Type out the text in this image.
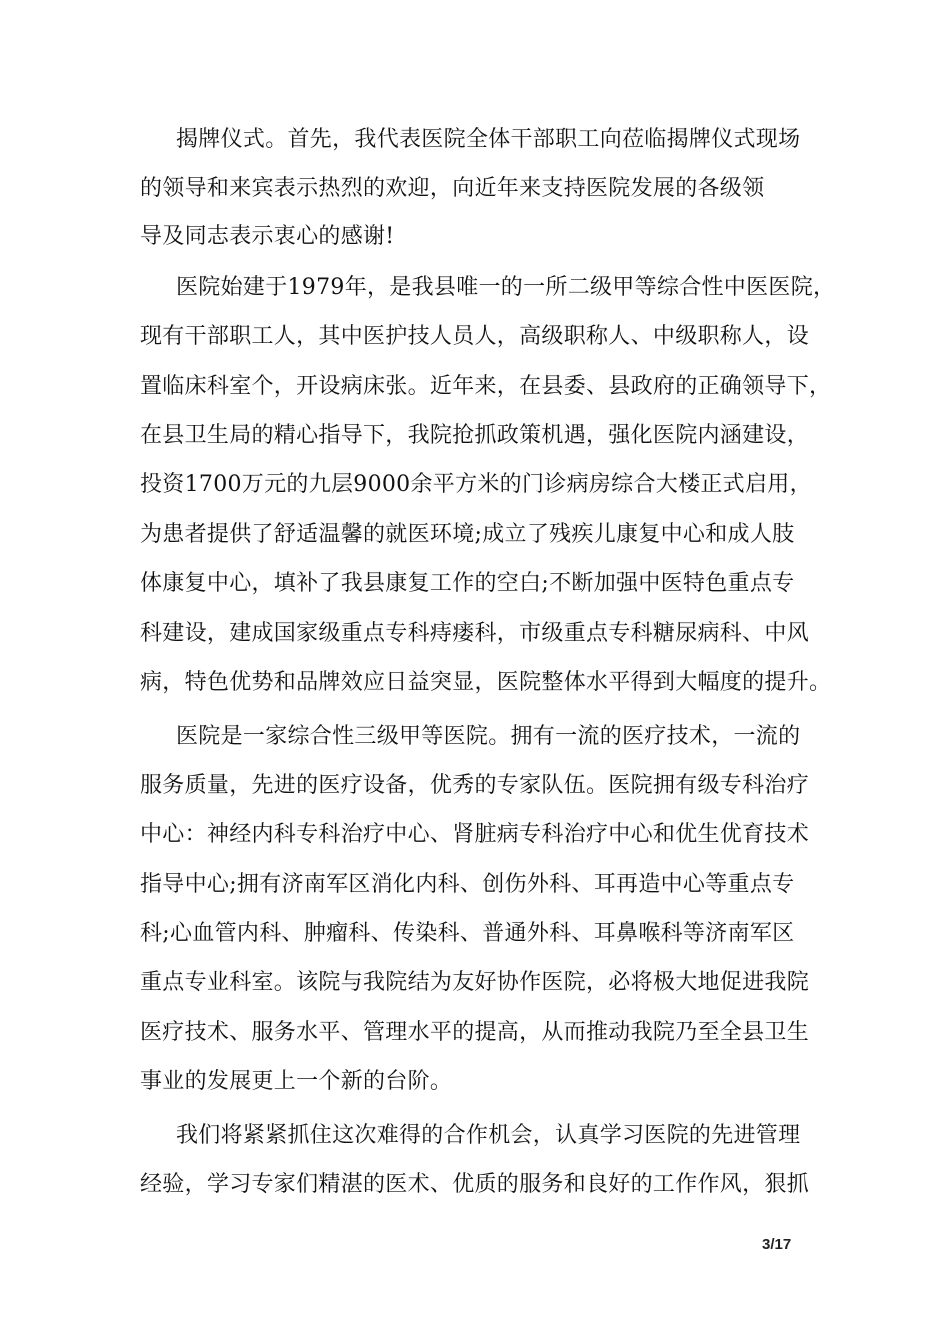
揭牌仪式。首先，我代表医院全体干部职工向莅临揭牌仪式现场
的领导和来宾表示热烈的欢迎，向近年来支持医院发展的各级领
导及同志表示衷心的感谢!
医院始建于1979年，是我县唯一的一所二级甲等综合性中医医院，
现有干部职工人，其中医护技人员人，高级职称人、中级职称人，设
置临床科室个，开设病床张。近年来，在县委、县政府的正确领导下，
在县卫生局的精心指导下，我院抢抓政策机遇，强化医院内涵建设，
投资1700万元的九层9000余平方米的门诊病房综合大楼正式启用，
为患者提供了舒适温馨的就医环境;成立了残疾儿康复中心和成人肢
体康复中心，填补了我县康复工作的空白;不断加强中医特色重点专
科建设，建成国家级重点专科痔瘘科，市级重点专科糖尿病科、中风
病，特色优势和品牌效应日益突显，医院整体水平得到大幅度的提升。
医院是一家综合性三级甲等医院。拥有一流的医疗技术，一流的
服务质量，先进的医疗设备，优秀的专家队伍。医院拥有级专科治疗
中心：神经内科专科治疗中心、肾脏病专科治疗中心和优生优育技术
指导中心;拥有济南军区消化内科、创伤外科、耳再造中心等重点专
科;心血管内科、肿瘤科、传染科、普通外科、耳鼻喉科等济南军区
重点专业科室。该院与我院结为友好协作医院，必将极大地促进我院
医疗技术、服务水平、管理水平的提高，从而推动我院乃至全县卫生
事业的发展更上一个新的台阶。
我们将紧紧抓住这次难得的合作机会，认真学习医院的先进管理
经验，学习专家们精湛的医术、优质的服务和良好的工作作风，狠抓
3/17
